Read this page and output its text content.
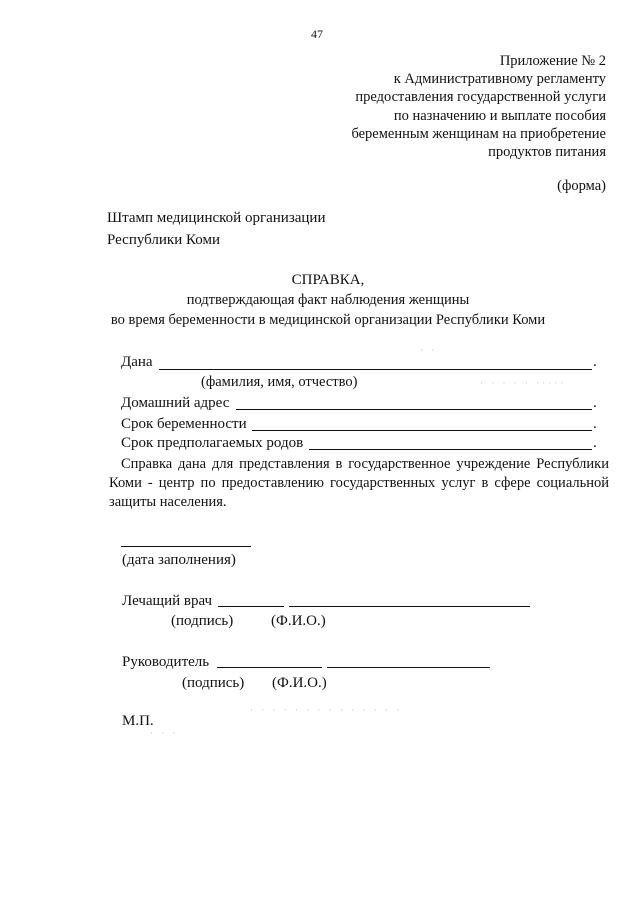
47
Приложение № 2
к Административному регламенту
предоставления государственной услуги
по назначению и выплате пособия
беременным женщинам на приобретение
продуктов питания
(форма)
Штамп медицинской организации
Республики Коми
СПРАВКА,
подтверждающая факт наблюдения женщины
во время беременности в медицинской организации Республики Коми
Дана	.
(фамилия, имя, отчество)
Домашний адрес	.
Срок беременности	.
Срок предполагаемых родов	.
Справка дана для представления в государственное учреждение Республики Коми - центр по предоставлению государственных услуг в сфере социальной защиты населения.
(дата заполнения)
Лечащий врач
(подпись)	(Ф.И.О.)
Руководитель
(подпись) (Ф.И.О.)
М.П.
· ·
· · · · · ·····
· · · · · · · · · · · · · ·
· · ·
